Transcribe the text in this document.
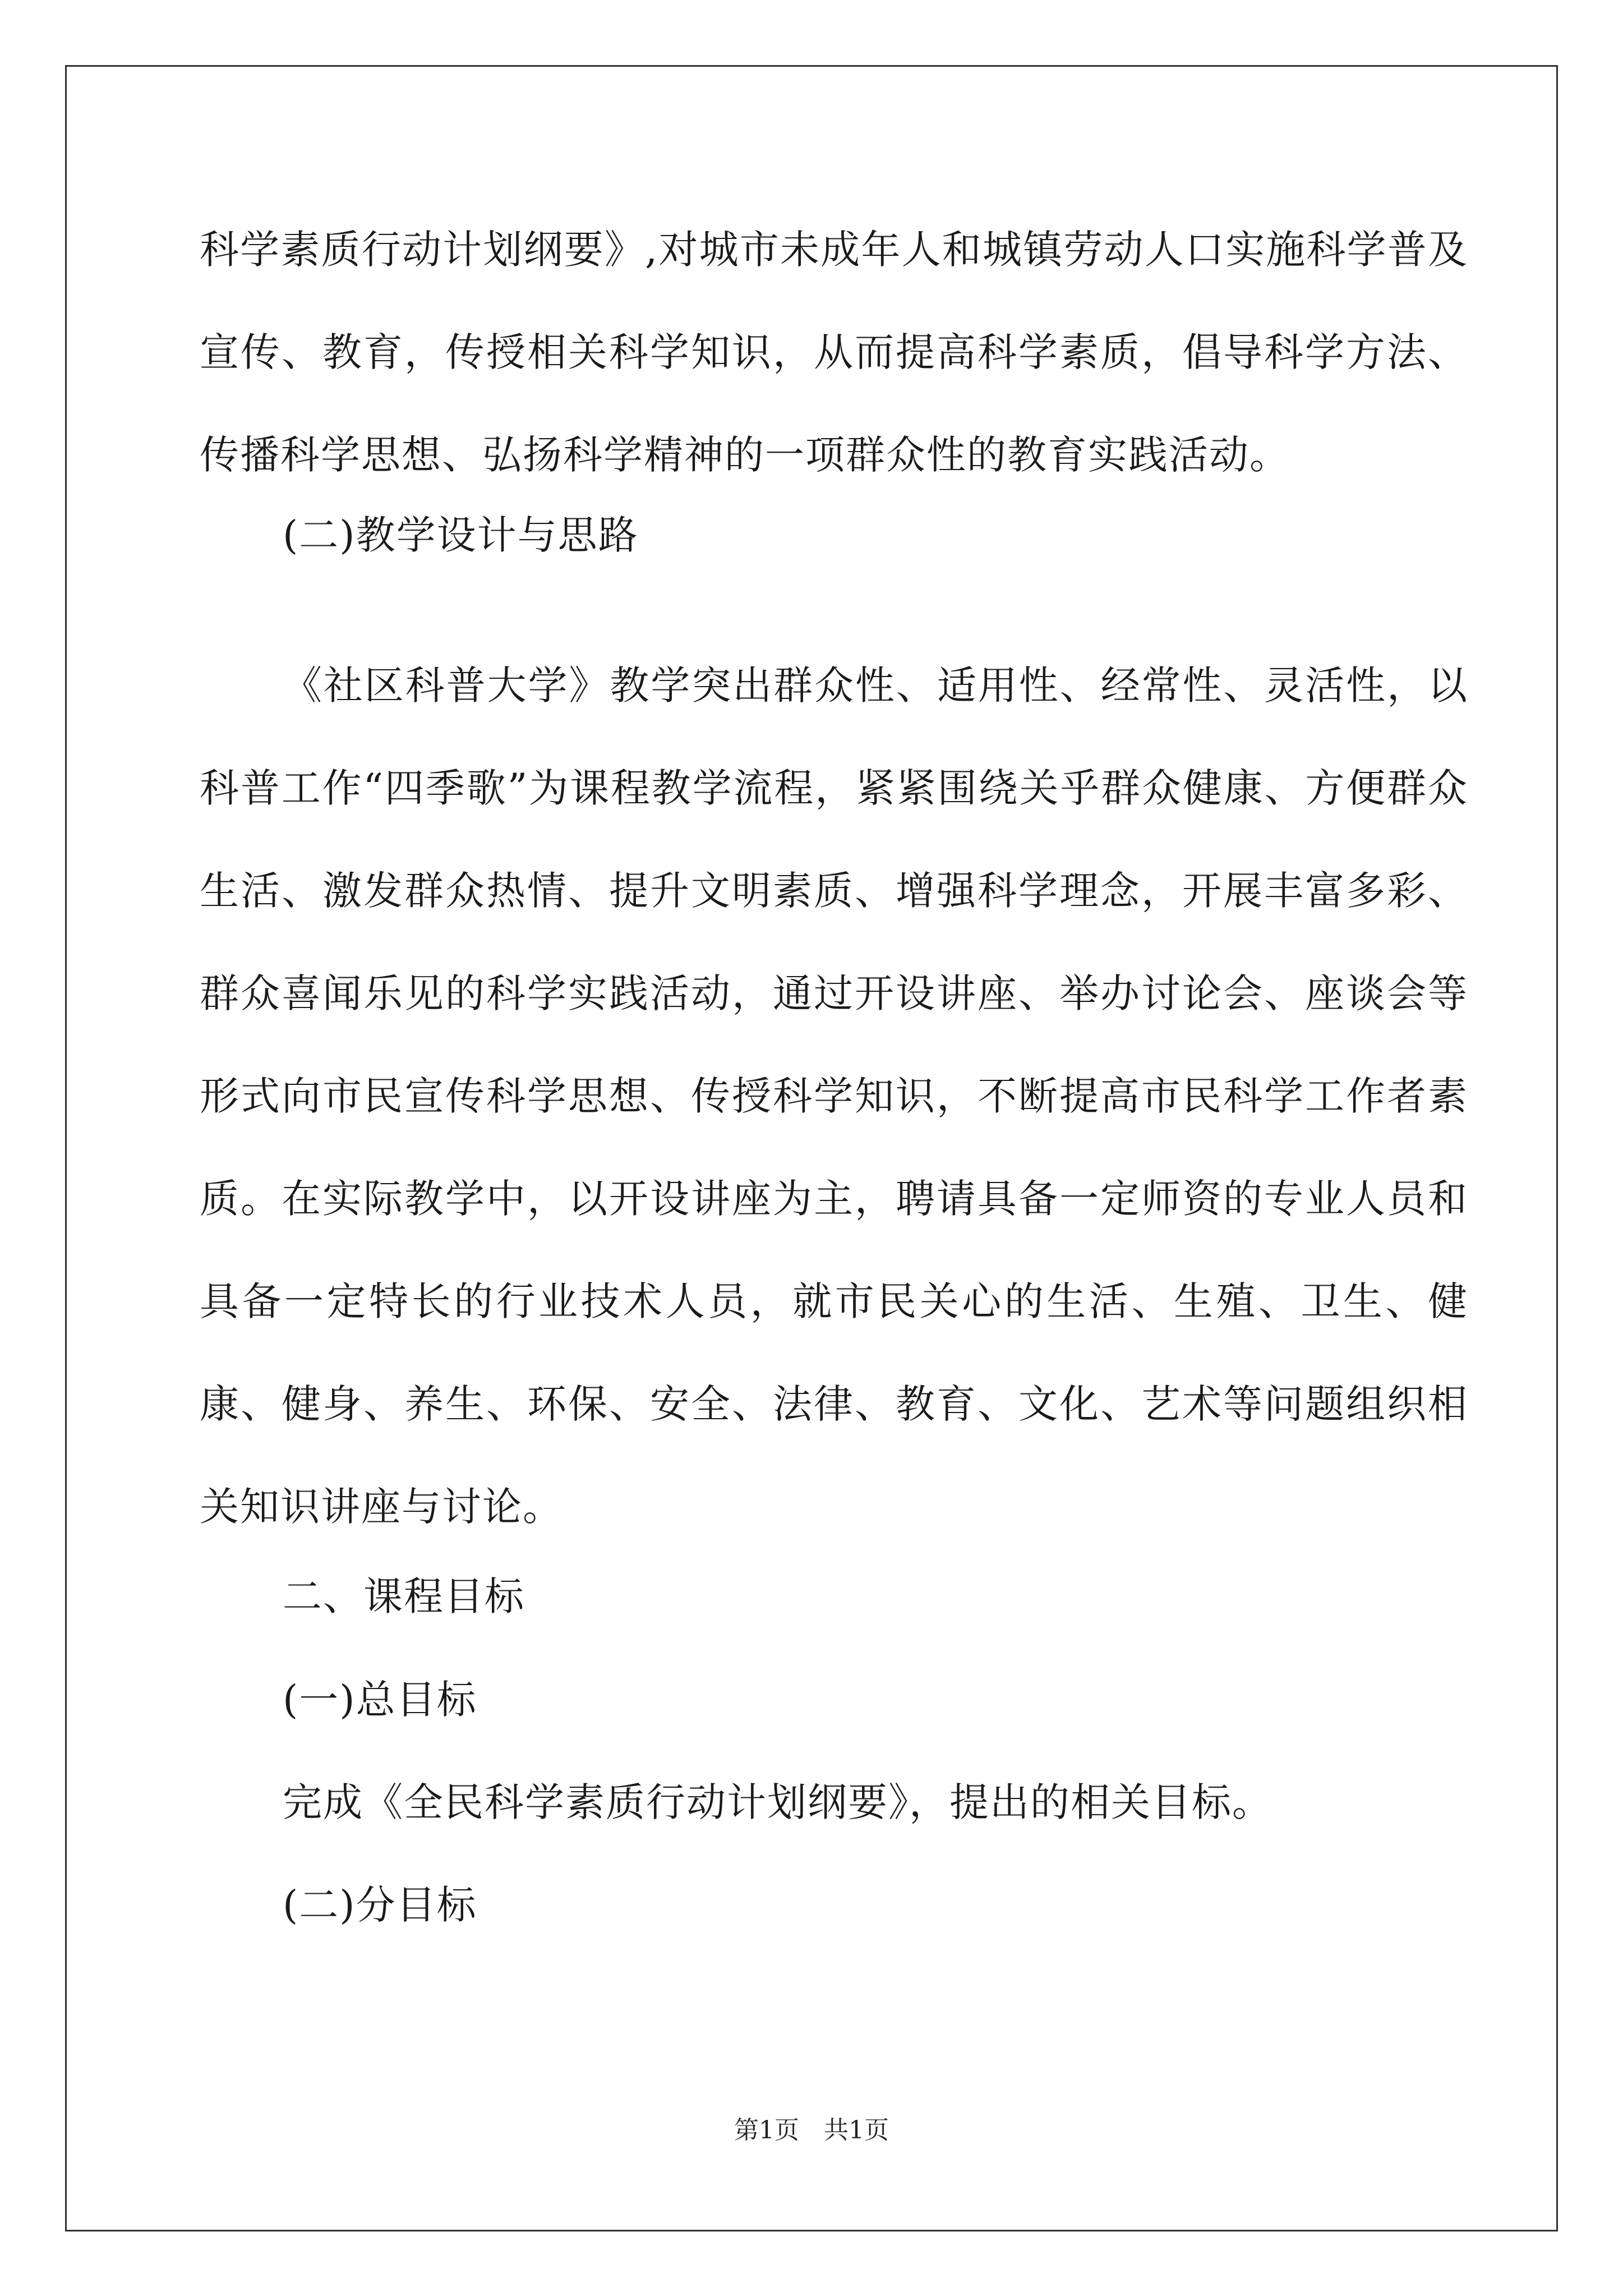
科学素质行动计划纲要》,对城市未成年人和城镇劳动人口实施科学普及宣传、教育，传授相关科学知识，从而提高科学素质，倡导科学方法、传播科学思想、弘扬科学精神的一项群众性的教育实践活动。

(二)教学设计与思路

《社区科普大学》教学突出群众性、适用性、经常性、灵活性，以科普工作“四季歌”为课程教学流程，紧紧围绕关乎群众健康、方便群众生活、激发群众热情、提升文明素质、增强科学理念，开展丰富多彩、群众喜闻乐见的科学实践活动，通过开设讲座、举办讨论会、座谈会等形式向市民宣传科学思想、传授科学知识，不断提高市民科学工作者素质。在实际教学中，以开设讲座为主，聘请具备一定师资的专业人员和具备一定特长的行业技术人员，就市民关心的生活、生殖、卫生、健康、健身、养生、环保、安全、法律、教育、文化、艺术等问题组织相关知识讲座与讨论。

二、课程目标

(一)总目标

完成《全民科学素质行动计划纲要》，提出的相关目标。

(二)分目标

第1页　共1页
